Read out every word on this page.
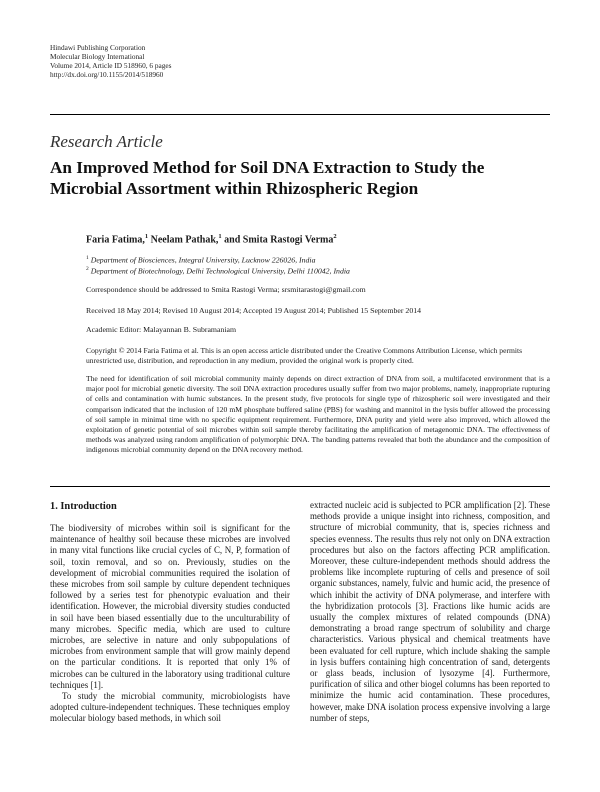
Hindawi Publishing Corporation
Molecular Biology International
Volume 2014, Article ID 518960, 6 pages
http://dx.doi.org/10.1155/2014/518960
Research Article
An Improved Method for Soil DNA Extraction to Study the Microbial Assortment within Rhizospheric Region
Faria Fatima,$^1$ Neelam Pathak,$^1$ and Smita Rastogi Verma$^2$
$^1$ Department of Biosciences, Integral University, Lucknow 226026, India
$^2$ Department of Biotechnology, Delhi Technological University, Delhi 110042, India
Correspondence should be addressed to Smita Rastogi Verma; srsmitarastogi@gmail.com
Received 18 May 2014; Revised 10 August 2014; Accepted 19 August 2014; Published 15 September 2014
Academic Editor: Malayannan B. Subramaniam
Copyright © 2014 Faria Fatima et al. This is an open access article distributed under the Creative Commons Attribution License, which permits unrestricted use, distribution, and reproduction in any medium, provided the original work is properly cited.
The need for identification of soil microbial community mainly depends on direct extraction of DNA from soil, a multifaceted environment that is a major pool for microbial genetic diversity. The soil DNA extraction procedures usually suffer from two major problems, namely, inappropriate rupturing of cells and contamination with humic substances. In the present study, five protocols for single type of rhizospheric soil were investigated and their comparison indicated that the inclusion of 120 mM phosphate buffered saline (PBS) for washing and mannitol in the lysis buffer allowed the processing of soil sample in minimal time with no specific equipment requirement. Furthermore, DNA purity and yield were also improved, which allowed the exploitation of genetic potential of soil microbes within soil sample thereby facilitating the amplification of metagenomic DNA. The effectiveness of methods was analyzed using random amplification of polymorphic DNA. The banding patterns revealed that both the abundance and the composition of indigenous microbial community depend on the DNA recovery method.
1. Introduction

The biodiversity of microbes within soil is significant for the maintenance of healthy soil because these microbes are involved in many vital functions like crucial cycles of C, N, P, formation of soil, toxin removal, and so on. Previously, studies on the development of microbial communities required the isolation of these microbes from soil sample by culture dependent techniques followed by a series test for phenotypic evaluation and their identification. However, the microbial diversity studies conducted in soil have been biased essentially due to the unculturability of many microbes. Specific media, which are used to culture microbes, are selective in nature and only subpopulations of microbes from environment sample that will grow mainly depend on the particular conditions. It is reported that only 1% of microbes can be cultured in the laboratory using traditional culture techniques [1].

To study the microbial community, microbiologists have adopted culture-independent techniques. These techniques employ molecular biology based methods, in which soil

extracted nucleic acid is subjected to PCR amplification [2]. These methods provide a unique insight into richness, composition, and structure of microbial community, that is, species richness and species evenness. The results thus rely not only on DNA extraction procedures but also on the factors affecting PCR amplification. Moreover, these culture-independent methods should address the problems like incomplete rupturing of cells and presence of soil organic substances, namely, fulvic and humic acid, the presence of which inhibit the activity of DNA polymerase, and interfere with the hybridization protocols [3]. Fractions like humic acids are usually the complex mixtures of related compounds (DNA) demonstrating a broad range spectrum of solubility and charge characteristics. Various physical and chemical treatments have been evaluated for cell rupture, which include shaking the sample in lysis buffers containing high concentration of sand, detergents or glass beads, inclusion of lysozyme [4]. Furthermore, purification of silica and other biogel columns has been reported to minimize the humic acid contamination. These procedures, however, make DNA isolation process expensive involving a large number of steps,
